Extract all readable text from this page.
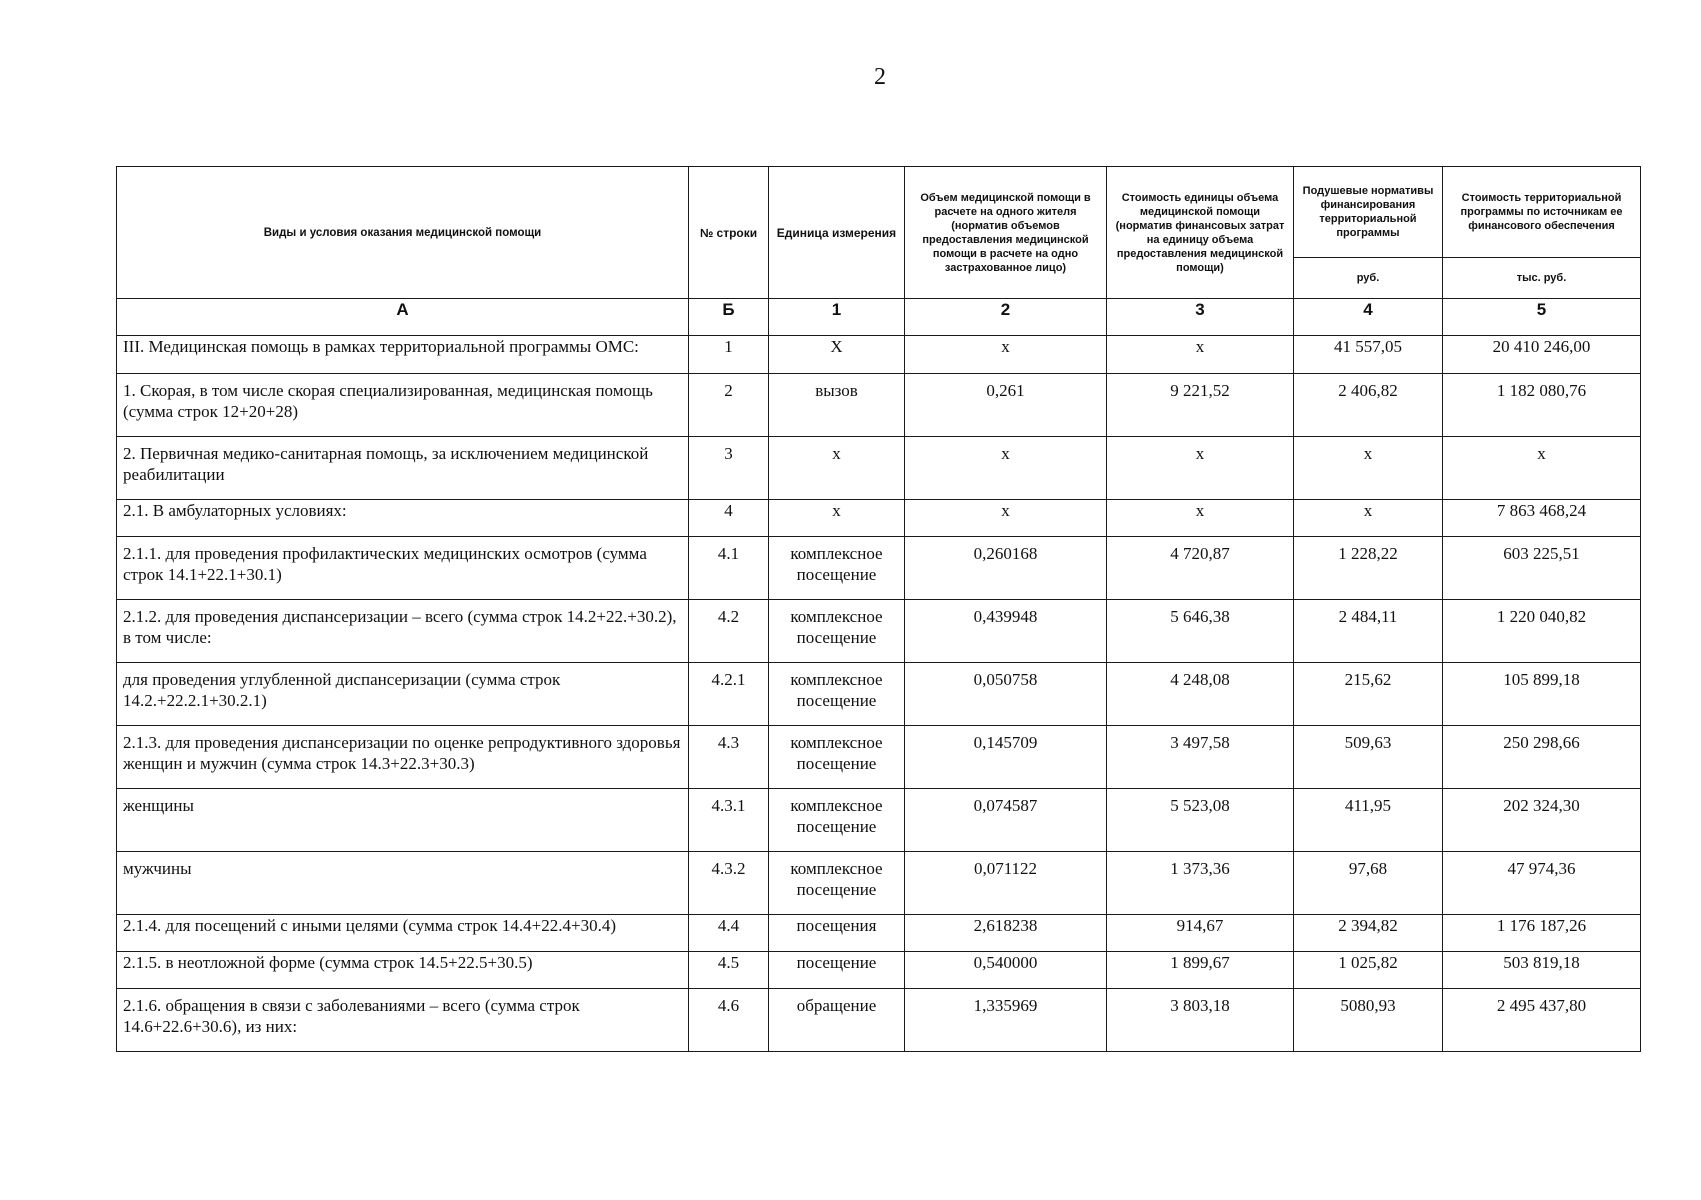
2
Виды и условия оказания медицинской помощи	№ строки	Единица измерения	Объем медицинской помощи в расчете на одного жителя (норматив объемов предоставления медицинской помощи в расчете на одно застрахованное лицо)	Стоимость единицы объема медицинской помощи (норматив финансовых затрат на единицу объема предоставления медицинской помощи)	Подушевые нормативы финансирования территориальной программы	Стоимость территориальной программы по источникам ее финансового обеспечения
					руб.	тыс. руб.
А	Б	1	2	3	4	5
III. Медицинская помощь в рамках территориальной программы ОМС:	1	Х	х	х	41 557,05	20 410 246,00
1. Скорая, в том числе скорая специализированная, медицинская помощь (сумма строк 12+20+28)	2	вызов	0,261	9 221,52	2 406,82	1 182 080,76
2. Первичная медико-санитарная помощь, за исключением медицинской реабилитации	3	х	х	х	х	х
2.1. В амбулаторных условиях:	4	х	х	х	х	7 863 468,24
2.1.1. для проведения профилактических медицинских осмотров (сумма строк 14.1+22.1+30.1)	4.1	комплексное посещение	0,260168	4 720,87	1 228,22	603 225,51
2.1.2. для проведения диспансеризации – всего (сумма строк 14.2+22.+30.2), в том числе:	4.2	комплексное посещение	0,439948	5 646,38	2 484,11	1 220 040,82
для проведения углубленной диспансеризации (сумма строк 14.2.+22.2.1+30.2.1)	4.2.1	комплексное посещение	0,050758	4 248,08	215,62	105 899,18
2.1.3. для проведения диспансеризации по оценке репродуктивного здоровья женщин и мужчин (сумма строк 14.3+22.3+30.3)	4.3	комплексное посещение	0,145709	3 497,58	509,63	250 298,66
женщины	4.3.1	комплексное посещение	0,074587	5 523,08	411,95	202 324,30
мужчины	4.3.2	комплексное посещение	0,071122	1 373,36	97,68	47 974,36
2.1.4. для посещений с иными целями (сумма строк 14.4+22.4+30.4)	4.4	посещения	2,618238	914,67	2 394,82	1 176 187,26
2.1.5. в неотложной форме (сумма строк 14.5+22.5+30.5)	4.5	посещение	0,540000	1 899,67	1 025,82	503 819,18
2.1.6. обращения в связи с заболеваниями – всего (сумма строк 14.6+22.6+30.6), из них:	4.6	обращение	1,335969	3 803,18	5080,93	2 495 437,80
